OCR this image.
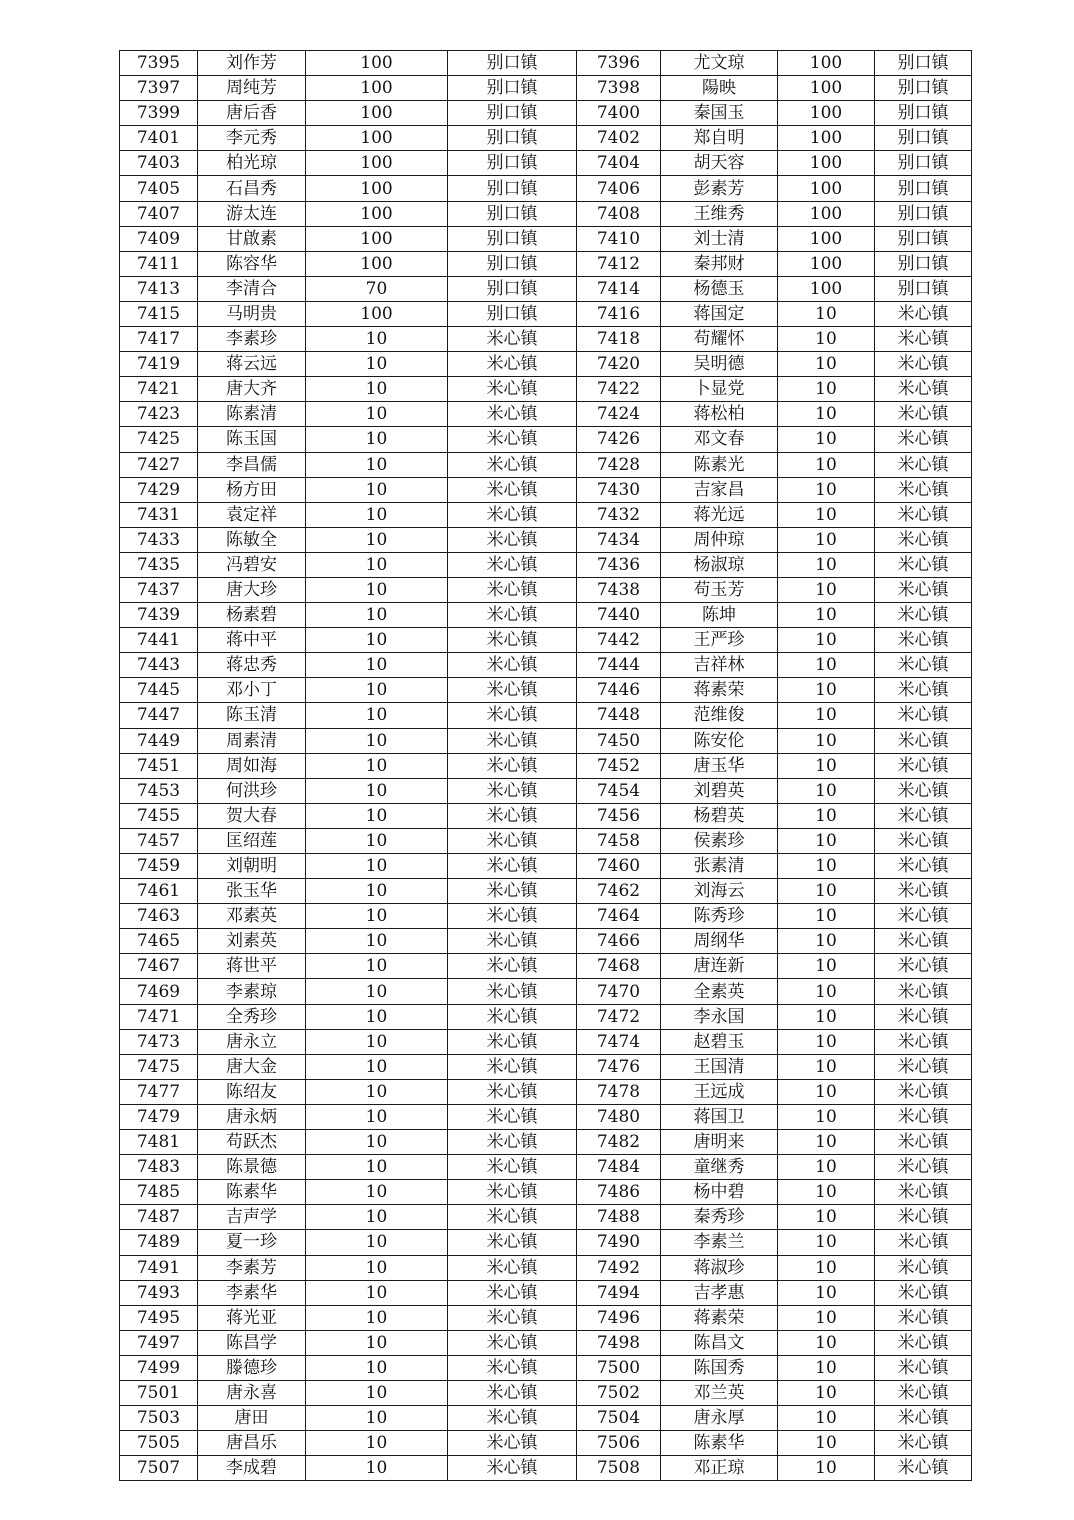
7395	刘作芳	100	别口镇	7396	尤文琼	100	别口镇
7397	周纯芳	100	别口镇	7398	陽映	100	别口镇
7399	唐后香	100	别口镇	7400	秦国玉	100	别口镇
7401	李元秀	100	别口镇	7402	郑自明	100	别口镇
7403	柏光琼	100	别口镇	7404	胡天容	100	别口镇
7405	石昌秀	100	别口镇	7406	彭素芳	100	别口镇
7407	游太连	100	别口镇	7408	王维秀	100	别口镇
7409	甘啟素	100	别口镇	7410	刘士清	100	别口镇
7411	陈容华	100	别口镇	7412	秦邦财	100	别口镇
7413	李清合	70	别口镇	7414	杨德玉	100	别口镇
7415	马明贵	100	别口镇	7416	蒋国定	10	米心镇
7417	李素珍	10	米心镇	7418	苟耀怀	10	米心镇
7419	蒋云远	10	米心镇	7420	吴明德	10	米心镇
7421	唐大齐	10	米心镇	7422	卜显党	10	米心镇
7423	陈素清	10	米心镇	7424	蒋松柏	10	米心镇
7425	陈玉国	10	米心镇	7426	邓文春	10	米心镇
7427	李昌儒	10	米心镇	7428	陈素光	10	米心镇
7429	杨方田	10	米心镇	7430	吉家昌	10	米心镇
7431	袁定祥	10	米心镇	7432	蒋光远	10	米心镇
7433	陈敏全	10	米心镇	7434	周仲琼	10	米心镇
7435	冯碧安	10	米心镇	7436	杨淑琼	10	米心镇
7437	唐大珍	10	米心镇	7438	苟玉芳	10	米心镇
7439	杨素碧	10	米心镇	7440	陈坤	10	米心镇
7441	蒋中平	10	米心镇	7442	王严珍	10	米心镇
7443	蒋忠秀	10	米心镇	7444	吉祥林	10	米心镇
7445	邓小丁	10	米心镇	7446	蒋素荣	10	米心镇
7447	陈玉清	10	米心镇	7448	范维俊	10	米心镇
7449	周素清	10	米心镇	7450	陈安伦	10	米心镇
7451	周如海	10	米心镇	7452	唐玉华	10	米心镇
7453	何洪珍	10	米心镇	7454	刘碧英	10	米心镇
7455	贺大春	10	米心镇	7456	杨碧英	10	米心镇
7457	匡绍莲	10	米心镇	7458	侯素珍	10	米心镇
7459	刘朝明	10	米心镇	7460	张素清	10	米心镇
7461	张玉华	10	米心镇	7462	刘海云	10	米心镇
7463	邓素英	10	米心镇	7464	陈秀珍	10	米心镇
7465	刘素英	10	米心镇	7466	周纲华	10	米心镇
7467	蒋世平	10	米心镇	7468	唐连新	10	米心镇
7469	李素琼	10	米心镇	7470	全素英	10	米心镇
7471	全秀珍	10	米心镇	7472	李永国	10	米心镇
7473	唐永立	10	米心镇	7474	赵碧玉	10	米心镇
7475	唐大金	10	米心镇	7476	王国清	10	米心镇
7477	陈绍友	10	米心镇	7478	王远成	10	米心镇
7479	唐永炳	10	米心镇	7480	蒋国卫	10	米心镇
7481	苟跃杰	10	米心镇	7482	唐明来	10	米心镇
7483	陈景德	10	米心镇	7484	童继秀	10	米心镇
7485	陈素华	10	米心镇	7486	杨中碧	10	米心镇
7487	吉声学	10	米心镇	7488	秦秀珍	10	米心镇
7489	夏一珍	10	米心镇	7490	李素兰	10	米心镇
7491	李素芳	10	米心镇	7492	蒋淑珍	10	米心镇
7493	李素华	10	米心镇	7494	吉孝惠	10	米心镇
7495	蒋光亚	10	米心镇	7496	蒋素荣	10	米心镇
7497	陈昌学	10	米心镇	7498	陈昌文	10	米心镇
7499	滕德珍	10	米心镇	7500	陈国秀	10	米心镇
7501	唐永喜	10	米心镇	7502	邓兰英	10	米心镇
7503	唐田	10	米心镇	7504	唐永厚	10	米心镇
7505	唐昌乐	10	米心镇	7506	陈素华	10	米心镇
7507	李成碧	10	米心镇	7508	邓正琼	10	米心镇
